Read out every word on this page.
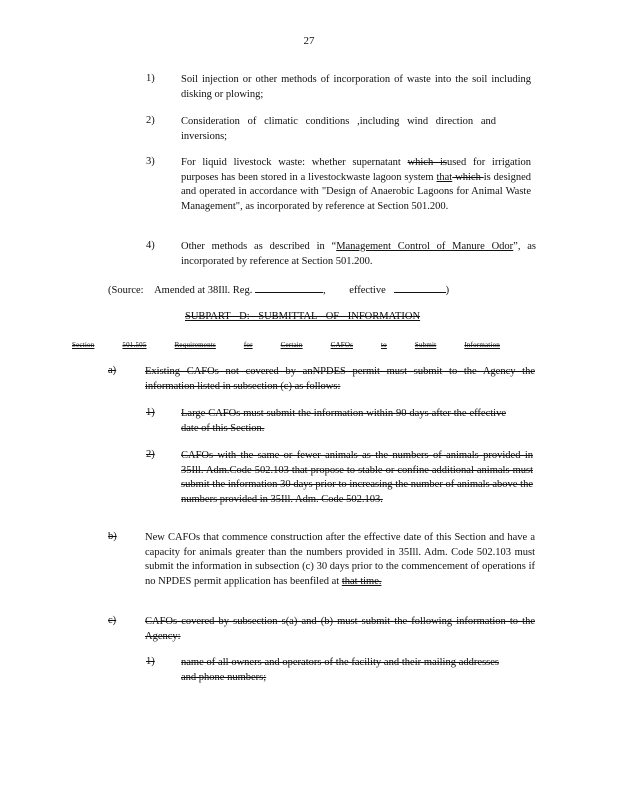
27
1)	Soil injection or other methods of incorporation of waste into the soil including disking or plowing;
2)	Consideration of climatic conditions ,including wind direction and inversions;
3)	For liquid livestock waste: whether supernatant which isused for irrigation purposes has been stored in a livestockwaste lagoon system that which is designed and operated in accordance with "Design of Anaerobic Lagoons for Animal Waste Management", as incorporated by reference at Section 501.200.
4)	Other methods as described in “Management Control of Manure Odor”, as incorporated by reference at Section 501.200.
(Source: Amended at 38Ill. Reg.	, effective	)
SUBPART D: SUBMITTAL OF INFORMATION
Section	501.505	Requirements	for	Certain	CAFOs	to	Submit	Information
a)	Existing CAFOs not covered by anNPDES permit must submit to the Agency the information listed in subsection (c) as follows:
1)	Large CAFOs must submit the information within 90 days after the effective date of this Section.
2)	CAFOs with the same or fewer animals as the numbers of animals provided in 35Ill. Adm.Code 502.103 that propose to stable or confine additional animals must submit the information 30 days prior to increasing the number of animals above the numbers provided in 35Ill. Adm. Code 502.103.
b)	New CAFOs that commence construction after the effective date of this Section and have a capacity for animals greater than the numbers provided in 35Ill. Adm. Code 502.103 must submit the information in subsection (c) 30 days prior to the commencement of operations if no NPDES permit application has beenfiled at that time.
c)	CAFOs covered by subsection s(a) and (b) must submit the following information to the Agency:
1)	name of all owners and operators of the facility and their mailing addresses and phone numbers;
